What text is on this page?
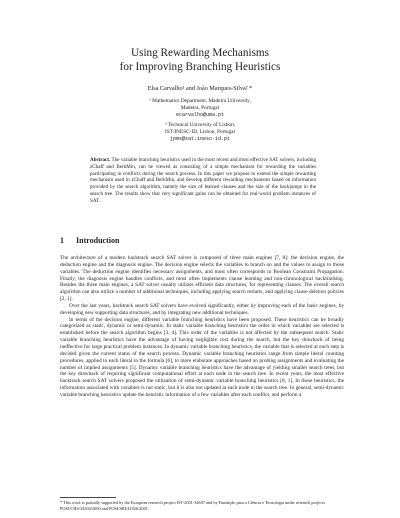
Using Rewarding Mechanisms
for Improving Branching Heuristics
Elsa Carvalho¹ and João Marques-Silva² *
¹ Mathematics Department, Madeira University,
Madeira, Portugal
ecarvalho@uma.pt
² Technical University of Lisbon,
IST/INESC-ID, Lisbon, Portugal
jpms@sat.inesc-id.pt
Abstract. The variable branching heuristics used in the most recent and most effective SAT solvers, including zChaff and BerkMin, can be viewed as consisting of a simple mechanism for rewarding the variables participating in conflicts during the search process. In this paper we propose to extend the simple rewarding mechanism used in zChaff and BerkMin, and develop different rewarding mechanisms based on information provided by the search algorithm, namely the size of learned clauses and the size of the backjumps in the search tree. The results show that very significant gains can be obtained for real-world problem instances of SAT.
1 Introduction

The architecture of a modern backtrack search SAT solver is composed of three main engines [7, 8]: the decision engine, the deduction engine and the diagnosis engine. The decision engine selects the variables to branch on and the values to assign to those variables. The deduction engine identifies necessary assignments, and most often corresponds to Boolean Constraint Propagation. Finally, the diagnosis engine handles conflicts, and most often implements clause learning and non-chronological backtracking. Besides the three main engines, a SAT solver usually utilizes efficient data structures, for representing clauses. The overall search algorithm can also utilize a number of additional techniques, including applying search restarts, and applying clause deletion policies [2, 1].

Over the last years, backtrack search SAT solvers have evolved significantly, either by improving each of the basic engines, by developing new supporting data structures, and by integrating new additional techniques.

In terms of the decision engine, different variable branching heuristics have been proposed. These heuristics can be broadly categorized as static, dynamic or semi-dynamic. In static variable branching heuristics the order in which variables are selected is established before the search algorithm begins [3, 4]. This order of the variables is not affected by the subsequent search. Static variable branching heuristics have the advantage of having negligible cost during the search, but the key drawback of being ineffective for large practical problem instances. In dynamic variable branching heuristics, the variable that is selected at each step is decided given the current status of the search process. Dynamic variable branching heuristics range from simple literal counting procedures, applied to each literal in the formula [6], to more elaborate approaches based on probing assignments and evaluating the number of implied assignments [5]. Dynamic variable branching heuristics have the advantage of yielding smaller search trees, but the key drawback of requiring significant computational effort at each node in the search tree. In recent years, the most effective backtrack search SAT solvers proposed the utilization of semi-dynamic variable branching heuristics [8, 1]. In these heuristics, the information associated with variables is not static, but it is also not updated at each node in the search tree. In general, semi-dynamic variable branching heuristics update the heuristic information of a few variables after each conflict, and perform a

* This work is partially supported by the European research project IST-2001-34607 and by Fundação para a Ciência e Tecnologia under research projects POSI/CHS/34504/2000 and POSI/SRI/41926/2001.
